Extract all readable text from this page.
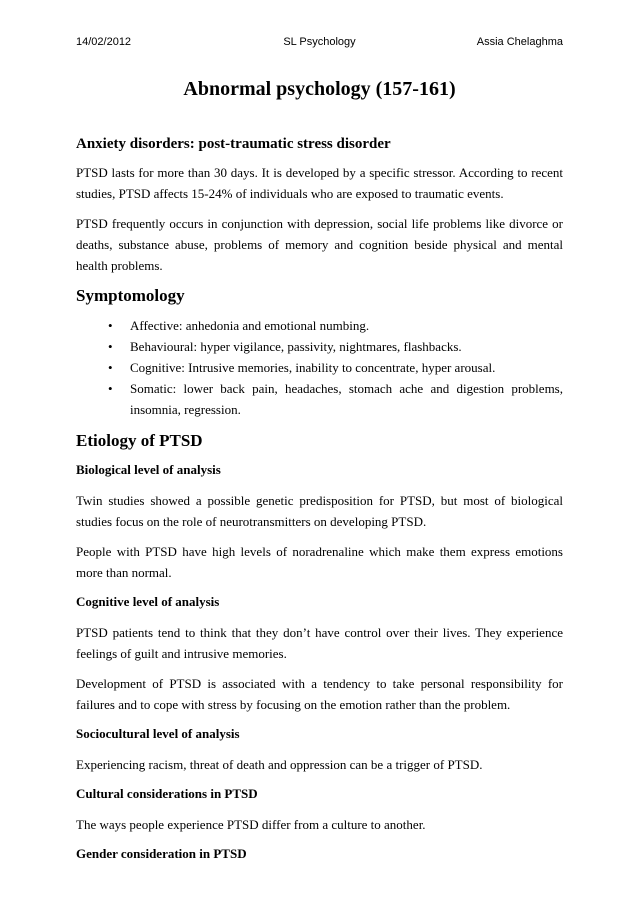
14/02/2012	SL Psychology	Assia Chelaghma
Abnormal psychology (157-161)
Anxiety disorders: post-traumatic stress disorder

PTSD lasts for more than 30 days. It is developed by a specific stressor. According to recent studies, PTSD affects 15-24% of individuals who are exposed to traumatic events.

PTSD frequently occurs in conjunction with depression, social life problems like divorce or deaths, substance abuse, problems of memory and cognition beside physical and mental health problems.

Symptomology
• Affective: anhedonia and emotional numbing.
• Behavioural: hyper vigilance, passivity, nightmares, flashbacks.
• Cognitive: Intrusive memories, inability to concentrate, hyper arousal.
• Somatic: lower back pain, headaches, stomach ache and digestion problems, insomnia, regression.
Etiology of PTSD
Biological level of analysis

Twin studies showed a possible genetic predisposition for PTSD, but most of biological studies focus on the role of neurotransmitters on developing PTSD.

People with PTSD have high levels of noradrenaline which make them express emotions more than normal.

Cognitive level of analysis

PTSD patients tend to think that they don’t have control over their lives. They experience feelings of guilt and intrusive memories.

Development of PTSD is associated with a tendency to take personal responsibility for failures and to cope with stress by focusing on the emotion rather than the problem.

Sociocultural level of analysis

Experiencing racism, threat of death and oppression can be a trigger of PTSD.

Cultural considerations in PTSD

The ways people experience PTSD differ from a culture to another.

Gender consideration in PTSD
